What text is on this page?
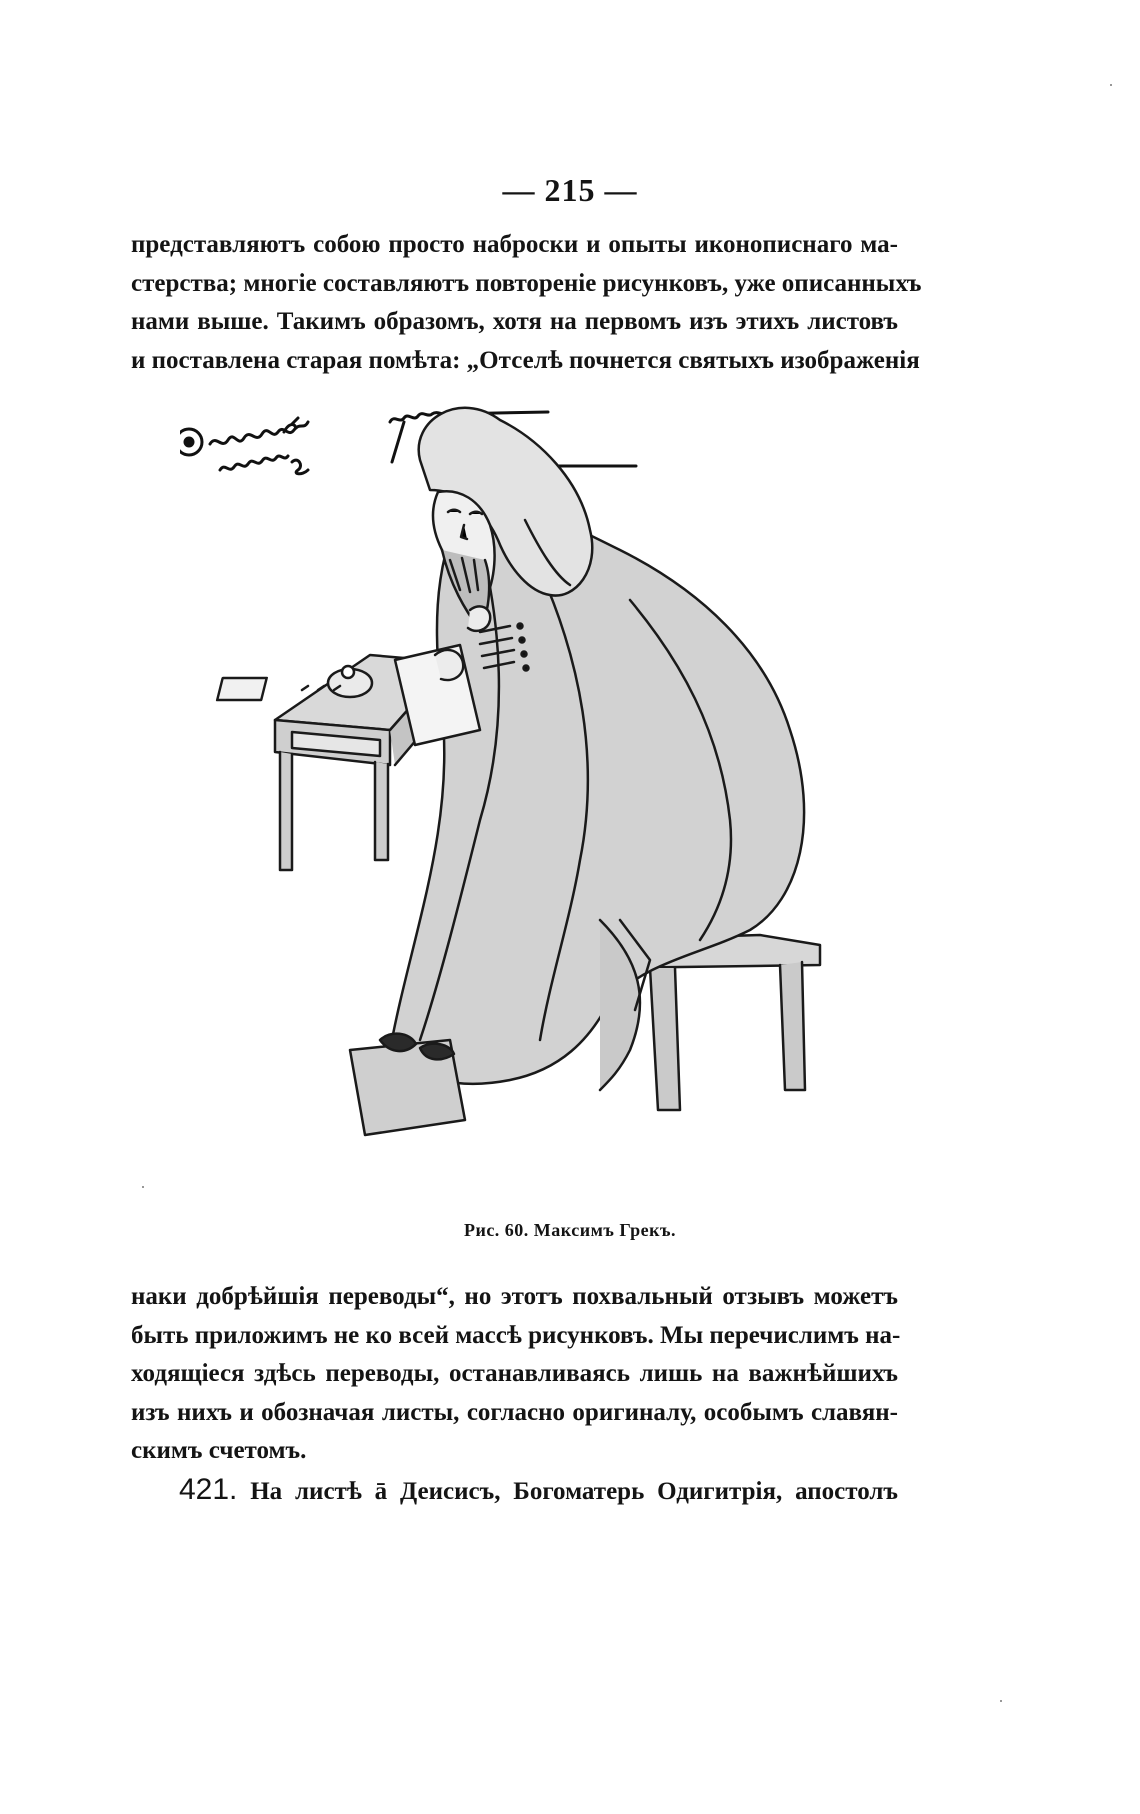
— 215 —
представляютъ собою просто наброски и опыты иконописнаго ма-
стерства; многіе составляютъ повтореніе рисунковъ, уже описанныхъ
нами выше. Такимъ образомъ, хотя на первомъ изъ этихъ листовъ
и поставлена старая помѣта: „Отселѣ почнется святыхъ изображенія
Рис. 60. Максимъ Грекъ.
наки добрѣйшія переводы“, но этотъ похвальный отзывъ можетъ
быть приложимъ не ко всей массѣ рисунковъ. Мы перечислимъ на-
ходящіеся здѣсь переводы, останавливаясь лишь на важнѣйшихъ
изъ нихъ и обозначая листы, согласно оригиналу, особымъ славян-
скимъ счетомъ.
421. На листѣ ā Деисисъ, Богоматерь Одигитрія, апостолъ
